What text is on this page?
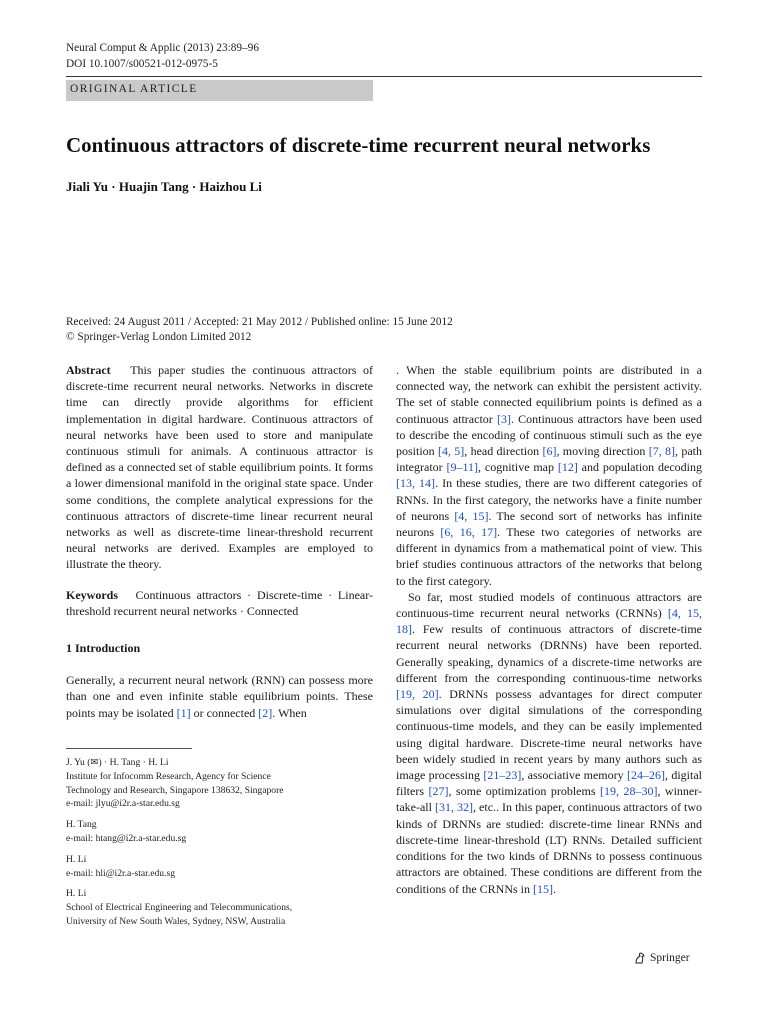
Neural Comput & Applic (2013) 23:89–96
DOI 10.1007/s00521-012-0975-5
ORIGINAL ARTICLE
Continuous attractors of discrete-time recurrent neural networks
Jiali Yu · Huajin Tang · Haizhou Li
Received: 24 August 2011 / Accepted: 21 May 2012 / Published online: 15 June 2012
© Springer-Verlag London Limited 2012

Abstract This paper studies the continuous attractors of discrete-time recurrent neural networks. Networks in discrete time can directly provide algorithms for efficient implementation in digital hardware. Continuous attractors of neural networks have been used to store and manipulate continuous stimuli for animals. A continuous attractor is defined as a connected set of stable equilibrium points. It forms a lower dimensional manifold in the original state space. Under some conditions, the complete analytical expressions for the continuous attractors of discrete-time linear recurrent neural networks as well as discrete-time linear-threshold recurrent neural networks are derived. Examples are employed to illustrate the theory.

Keywords Continuous attractors · Discrete-time · Linear-threshold recurrent neural networks · Connected

1 Introduction

Generally, a recurrent neural network (RNN) can possess more than one and even infinite stable equilibrium points. These points may be isolated [1] or connected [2]. When

J. Yu (✉) · H. Tang · H. Li

Institute for Infocomm Research, Agency for Science

Technology and Research, Singapore 138632, Singapore

e-mail: jlyu@i2r.a-star.edu.sg

H. Tang

e-mail: htang@i2r.a-star.edu.sg

H. Li

e-mail: hli@i2r.a-star.edu.sg

H. Li

School of Electrical Engineering and Telecommunications,

University of New South Wales, Sydney, NSW, Australia

. When the stable equilibrium points are distributed in a connected way, the network can exhibit the persistent activity. The set of stable connected equilibrium points is defined as a continuous attractor [3]. Continuous attractors have been used to describe the encoding of continuous stimuli such as the eye position [4, 5], head direction [6], moving direction [7, 8], path integrator [9–11], cognitive map [12] and population decoding [13, 14]. In these studies, there are two different categories of RNNs. In the first category, the networks have a finite number of neurons [4, 15]. The second sort of networks has infinite neurons [6, 16, 17]. These two categories of networks are different in dynamics from a mathematical point of view. This brief studies continuous attractors of the networks that belong to the first category.

So far, most studied models of continuous attractors are continuous-time recurrent neural networks (CRNNs) [4, 15, 18]. Few results of continuous attractors of discrete-time recurrent neural networks (DRNNs) have been reported. Generally speaking, dynamics of a discrete-time networks are different from the corresponding continuous-time networks [19, 20]. DRNNs possess advantages for direct computer simulations over digital simulations of the corresponding continuous-time models, and they can be easily implemented using digital hardware. Discrete-time neural networks have been widely studied in recent years by many authors such as image processing [21–23], associative memory [24–26], digital filters [27], some optimization problems [19, 28–30], winner-take-all [31, 32], etc.. In this paper, continuous attractors of two kinds of DRNNs are studied: discrete-time linear RNNs and discrete-time linear-threshold (LT) RNNs. Detailed sufficient conditions for the two kinds of DRNNs to possess continuous attractors are obtained. These conditions are different from the conditions of the CRNNs in [15].

Springer
